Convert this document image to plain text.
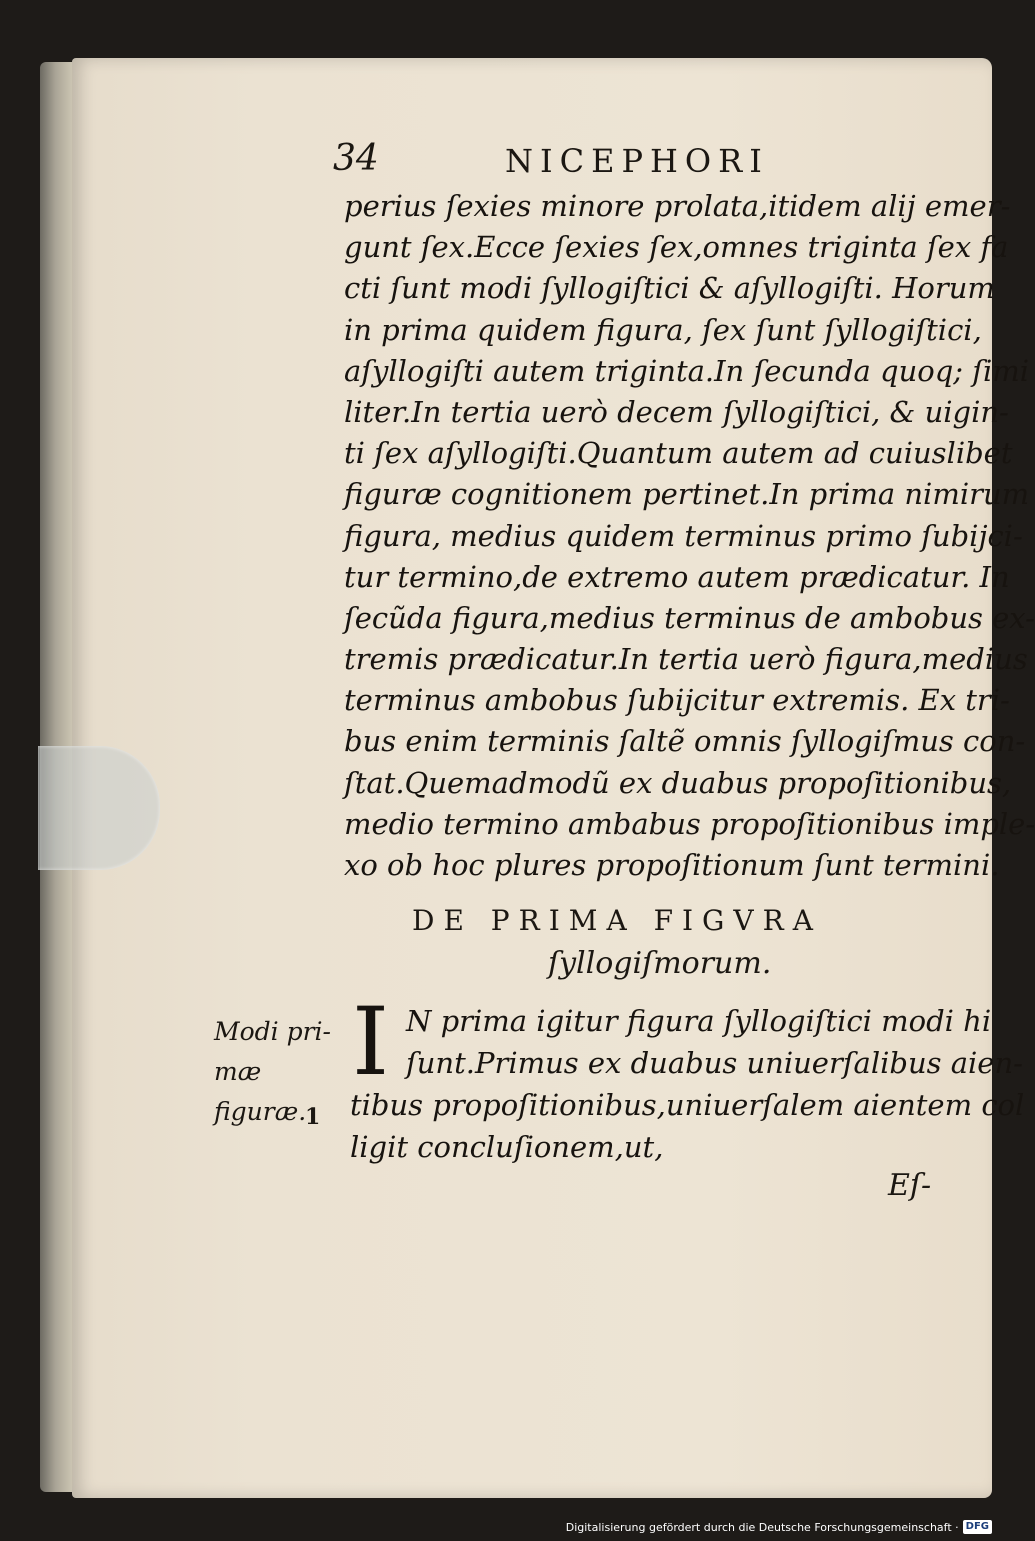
34	NICEPHORI
perius ſexies minore prolata,itidem alij emer-
gunt ſex.Ecce ſexies ſex,omnes triginta ſex fa
cti ſunt modi ſyllogiſtici & aſyllogiſti. Horum
in prima quidem figura, ſex ſunt ſyllogiſtici,
aſyllogiſti autem triginta.In ſecunda quoq; ſimi
liter.In tertia uerò decem ſyllogiſtici, & uigin-
ti ſex aſyllogiſti.Quantum autem ad cuiuslibet
figuræ cognitionem pertinet.In prima nimirum
figura, medius quidem terminus primo ſubijci-
tur termino,de extremo autem prædicatur. In
ſecũda figura,medius terminus de ambobus ex-
tremis prædicatur.In tertia uerò figura,medius
terminus ambobus ſubijcitur extremis. Ex tri-
bus enim terminis ſaltẽ omnis ſyllogiſmus con-
ſtat.Quemadmodũ ex duabus propoſitionibus,
medio termino ambabus propoſitionibus imple-
xo ob hoc plures propoſitionum ſunt termini.
DE PRIMA FIGVRA
ſyllogiſmorum.
Modi pri- mæ figuræ.
1
I N prima igitur figura ſyllogiſtici modi hi
ſunt.Primus ex duabus uniuerſalibus aien-
tibus propoſitionibus,uniuerſalem aientem col
ligit concluſionem,ut,
Eſ-
Digitalisierung gefördert durch die Deutsche Forschungsgemeinschaft · DFG
